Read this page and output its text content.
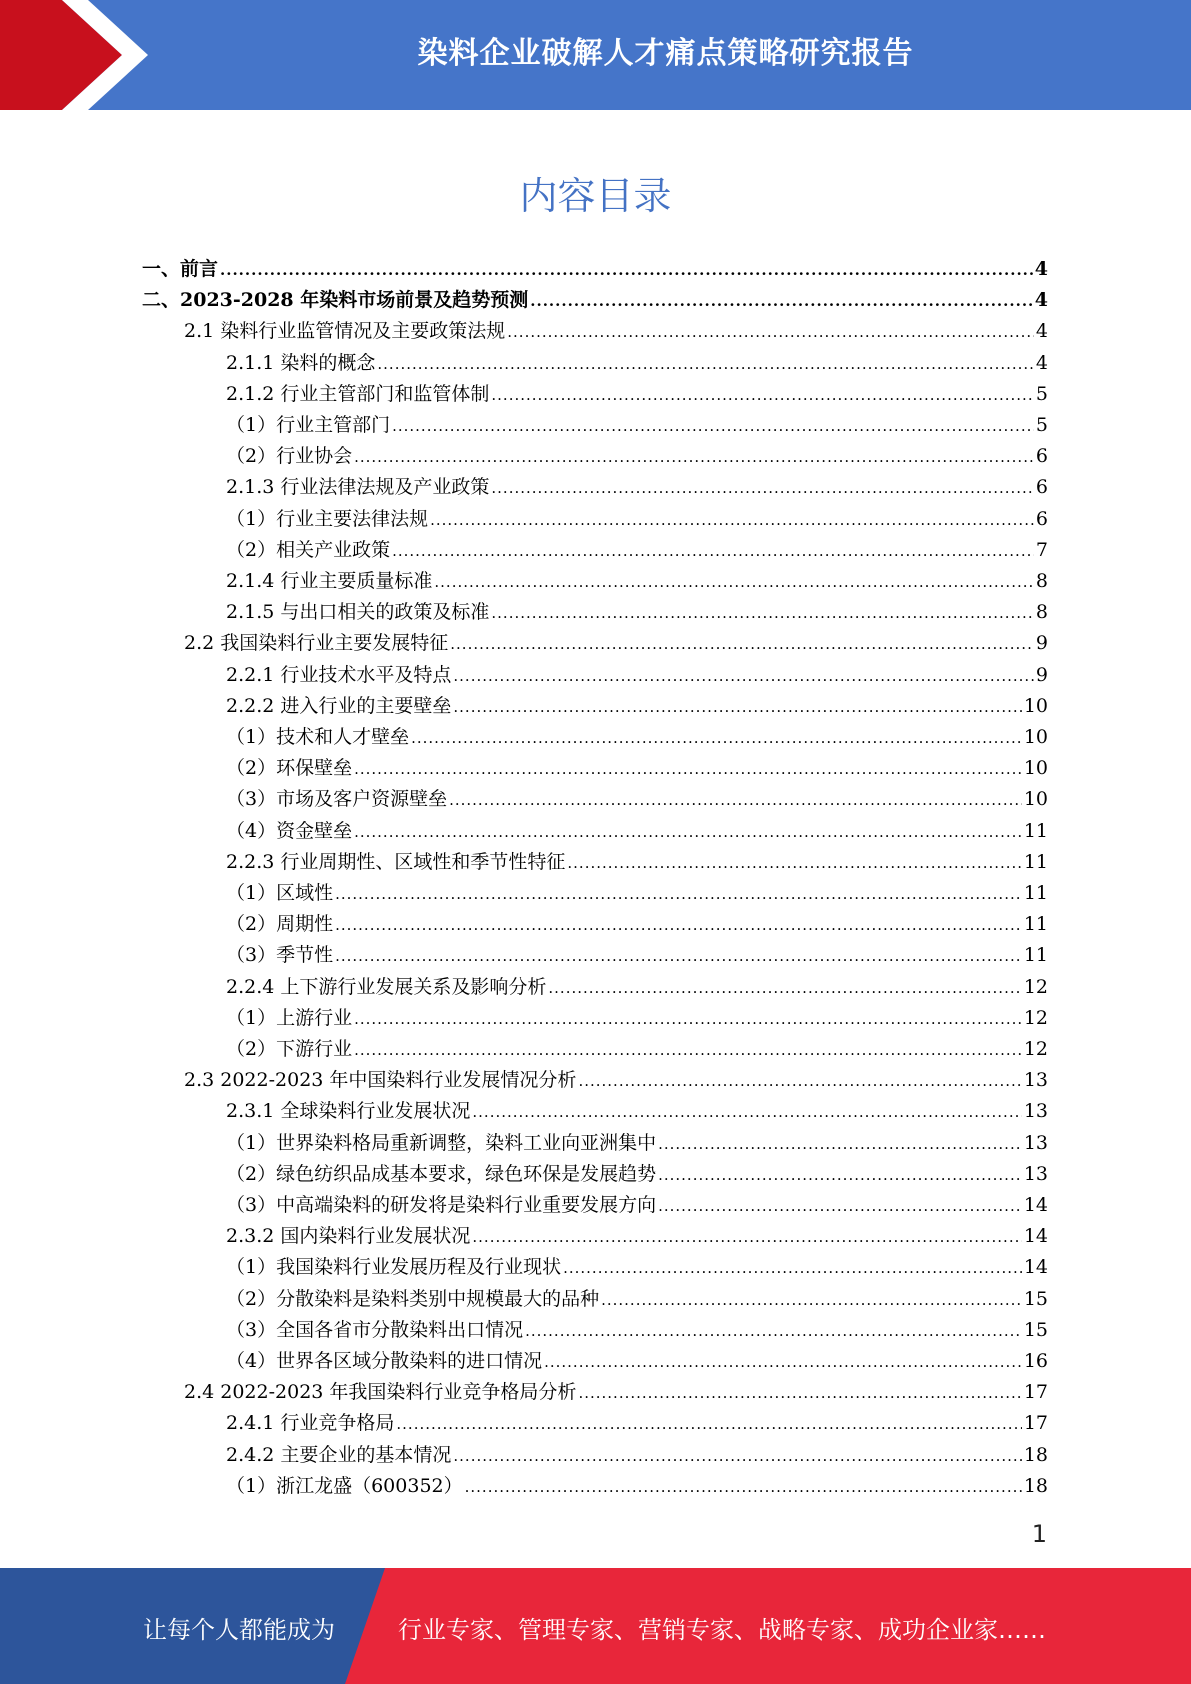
染料企业破解人才痛点策略研究报告
内容目录
一、前言 .....	4
二、2023-2028 年染料市场前景及趋势预测 .....	4
2.1 染料行业监管情况及主要政策法规 .....	4
2.1.1 染料的概念 .....	4
2.1.2 行业主管部门和监管体制 .....	5
（1）行业主管部门 .....	5
（2）行业协会 .....	6
2.1.3 行业法律法规及产业政策 .....	6
（1）行业主要法律法规 .....	6
（2）相关产业政策 .....	7
2.1.4 行业主要质量标准 .....	8
2.1.5 与出口相关的政策及标准 .....	8
2.2 我国染料行业主要发展特征 .....	9
2.2.1 行业技术水平及特点 .....	9
2.2.2 进入行业的主要壁垒 .....	10
（1）技术和人才壁垒 .....	10
（2）环保壁垒 .....	10
（3）市场及客户资源壁垒 .....	10
（4）资金壁垒 .....	11
2.2.3 行业周期性、区域性和季节性特征 .....	11
（1）区域性 .....	11
（2）周期性 .....	11
（3）季节性 .....	11
2.2.4 上下游行业发展关系及影响分析 .....	12
（1）上游行业 .....	12
（2）下游行业 .....	12
2.3 2022-2023 年中国染料行业发展情况分析 .....	13
2.3.1 全球染料行业发展状况 .....	13
（1）世界染料格局重新调整，染料工业向亚洲集中 .....	13
（2）绿色纺织品成基本要求，绿色环保是发展趋势 .....	13
（3）中高端染料的研发将是染料行业重要发展方向 .....	14
2.3.2 国内染料行业发展状况 .....	14
（1）我国染料行业发展历程及行业现状 .....	14
（2）分散染料是染料类别中规模最大的品种 .....	15
（3）全国各省市分散染料出口情况 .....	15
（4）世界各区域分散染料的进口情况 .....	16
2.4 2022-2023 年我国染料行业竞争格局分析 .....	17
2.4.1 行业竞争格局 .....	17
2.4.2 主要企业的基本情况 .....	18
（1）浙江龙盛（600352） .....	18
1
让每个人都能成为	行业专家、管理专家、营销专家、战略专家、成功企业家……
